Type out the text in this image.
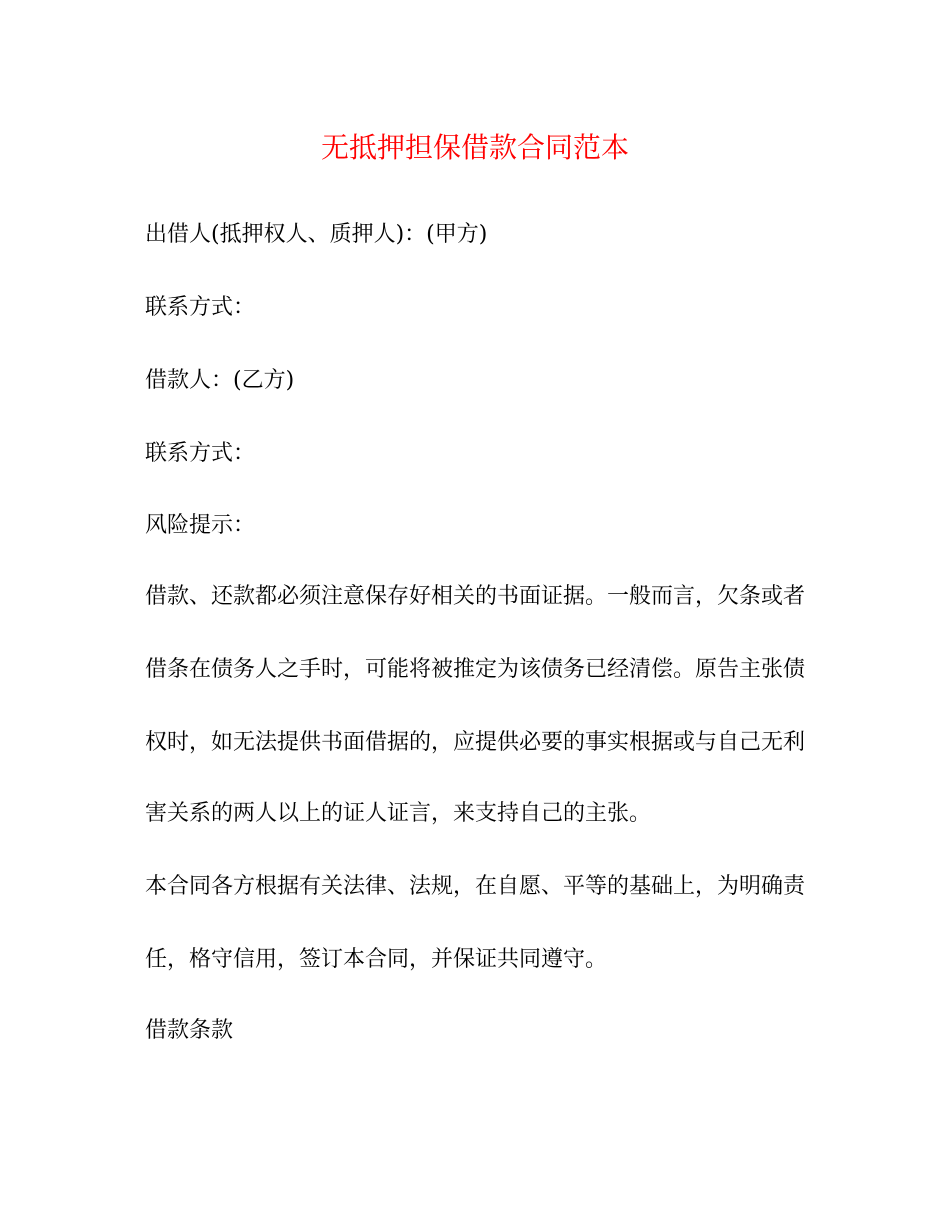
无抵押担保借款合同范本
出借人(抵押权人、质押人)：(甲方)
联系方式：
借款人：(乙方)
联系方式：
风险提示：
借款、还款都必须注意保存好相关的书面证据。一般而言，欠条或者
借条在债务人之手时，可能将被推定为该债务已经清偿。原告主张债
权时，如无法提供书面借据的，应提供必要的事实根据或与自己无利
害关系的两人以上的证人证言，来支持自己的主张。
本合同各方根据有关法律、法规，在自愿、平等的基础上，为明确责
任，格守信用，签订本合同，并保证共同遵守。
借款条款
